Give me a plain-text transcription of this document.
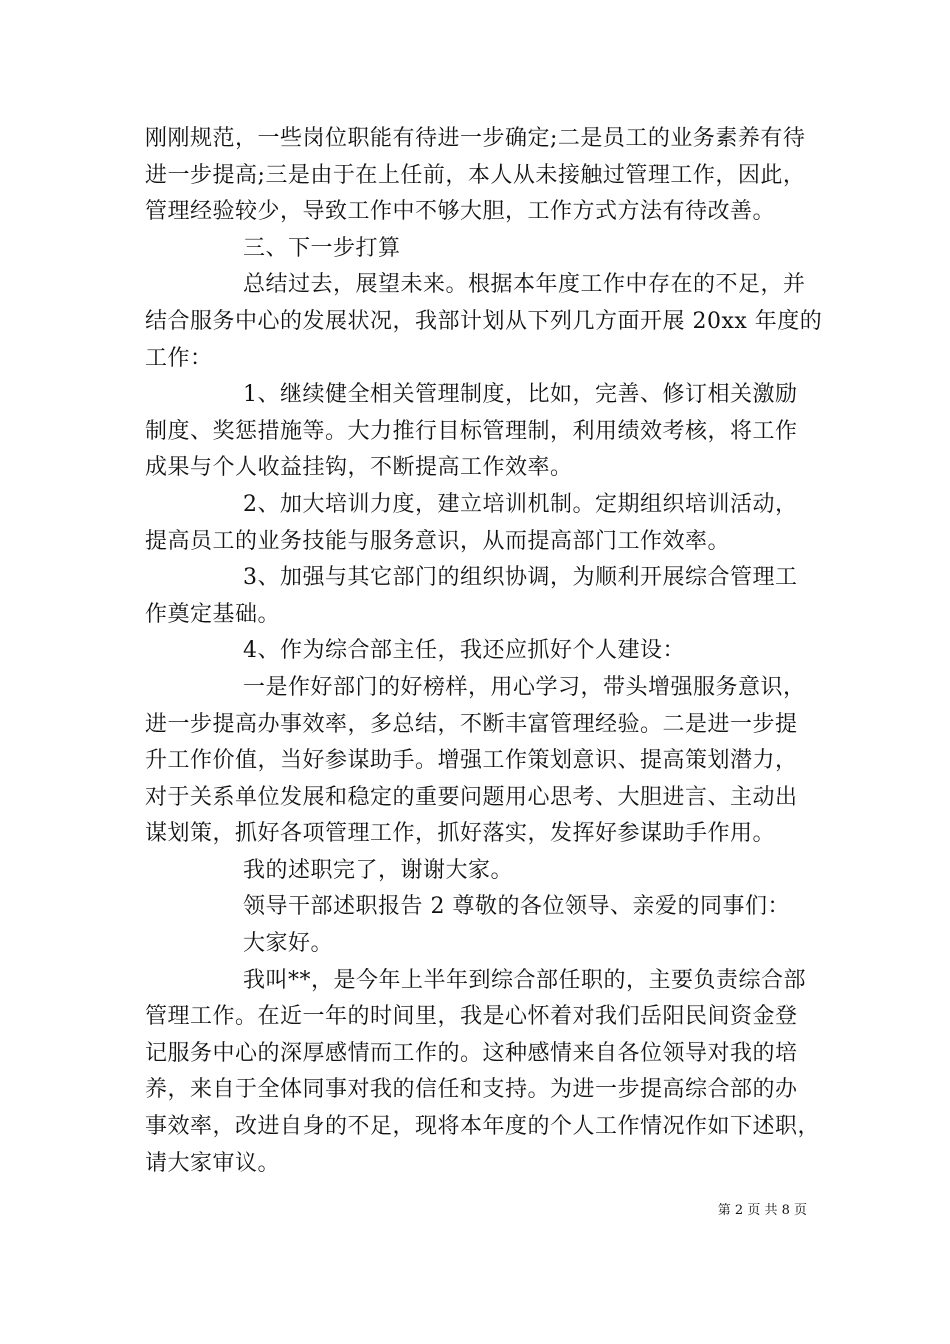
刚刚规范，一些岗位职能有待进一步确定;二是员工的业务素养有待
进一步提高;三是由于在上任前，本人从未接触过管理工作，因此，
管理经验较少，导致工作中不够大胆，工作方式方法有待改善。
三、下一步打算
总结过去，展望未来。根据本年度工作中存在的不足，并
结合服务中心的发展状况，我部计划从下列几方面开展 20xx 年度的
工作：
1、继续健全相关管理制度，比如，完善、修订相关激励
制度、奖惩措施等。大力推行目标管理制，利用绩效考核，将工作
成果与个人收益挂钩，不断提高工作效率。
2、加大培训力度，建立培训机制。定期组织培训活动，
提高员工的业务技能与服务意识，从而提高部门工作效率。
3、加强与其它部门的组织协调，为顺利开展综合管理工
作奠定基础。
4、作为综合部主任，我还应抓好个人建设：
一是作好部门的好榜样，用心学习，带头增强服务意识，
进一步提高办事效率，多总结，不断丰富管理经验。二是进一步提
升工作价值，当好参谋助手。增强工作策划意识、提高策划潜力，
对于关系单位发展和稳定的重要问题用心思考、大胆进言、主动出
谋划策，抓好各项管理工作，抓好落实，发挥好参谋助手作用。
我的述职完了，谢谢大家。
领导干部述职报告 2 尊敬的各位领导、亲爱的同事们：
大家好。
我叫**，是今年上半年到综合部任职的，主要负责综合部
管理工作。在近一年的时间里，我是心怀着对我们岳阳民间资金登
记服务中心的深厚感情而工作的。这种感情来自各位领导对我的培
养，来自于全体同事对我的信任和支持。为进一步提高综合部的办
事效率，改进自身的不足，现将本年度的个人工作情况作如下述职，
请大家审议。
第 2 页 共 8 页
